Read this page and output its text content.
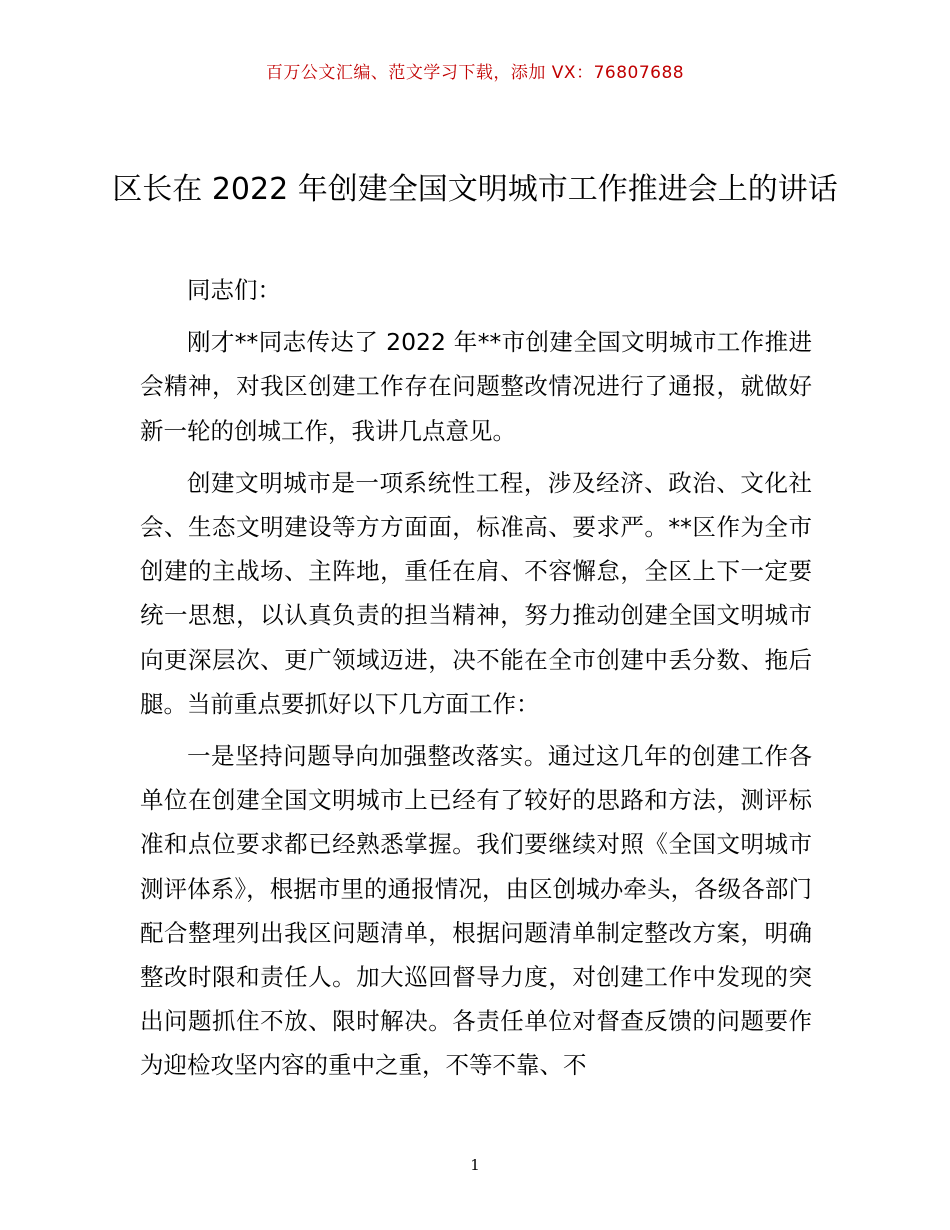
百万公文汇编、范文学习下载，添加 VX：76807688
区长在 2022 年创建全国文明城市工作推进会上的讲话

同志们：

刚才**同志传达了 2022 年**市创建全国文明城市工作推进会精神，对我区创建工作存在问题整改情况进行了通报，就做好新一轮的创城工作，我讲几点意见。

创建文明城市是一项系统性工程，涉及经济、政治、文化社会、生态文明建设等方方面面，标准高、要求严。**区作为全市创建的主战场、主阵地，重任在肩、不容懈怠，全区上下一定要统一思想，以认真负责的担当精神，努力推动创建全国文明城市向更深层次、更广领域迈进，决不能在全市创建中丢分数、拖后腿。当前重点要抓好以下几方面工作：

一是坚持问题导向加强整改落实。通过这几年的创建工作各单位在创建全国文明城市上已经有了较好的思路和方法，测评标准和点位要求都已经熟悉掌握。我们要继续对照《全国文明城市测评体系》，根据市里的通报情况，由区创城办牵头，各级各部门配合整理列出我区问题清单，根据问题清单制定整改方案，明确整改时限和责任人。加大巡回督导力度，对创建工作中发现的突出问题抓住不放、限时解决。各责任单位对督查反馈的问题要作为迎检攻坚内容的重中之重，不等不靠、不

1
